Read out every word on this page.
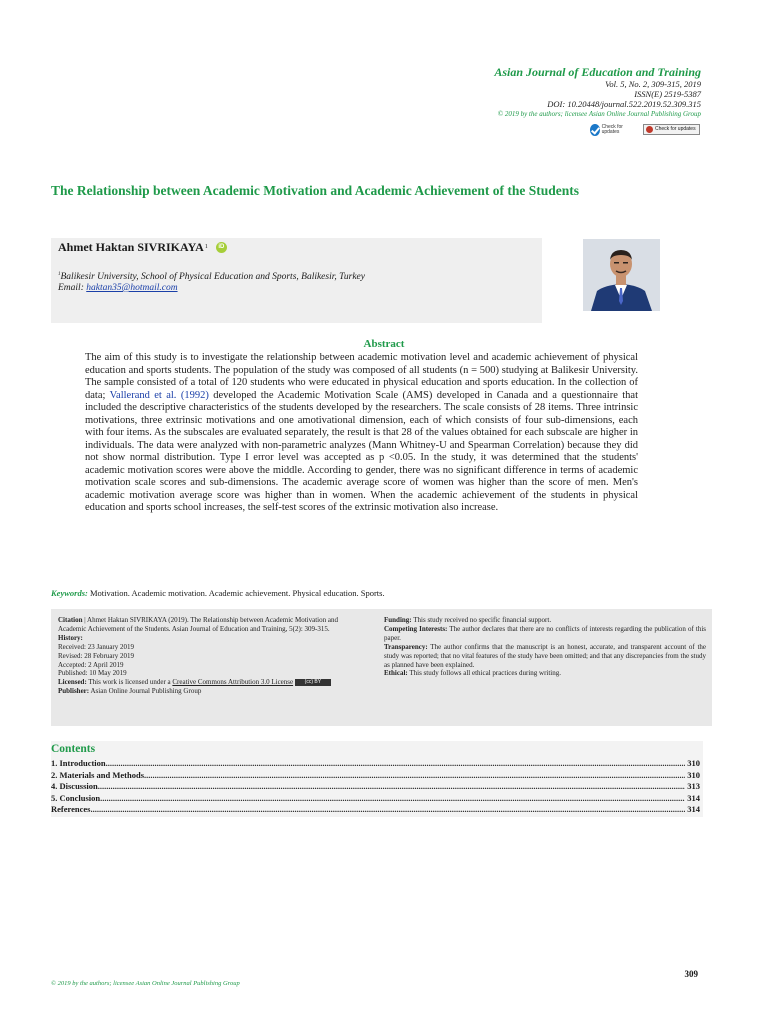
Asian Journal of Education and Training
Vol. 5, No. 2, 309-315, 2019
ISSN(E) 2519-5387
DOI: 10.20448/journal.522.2019.52.309.315
© 2019 by the authors; licensee Asian Online Journal Publishing Group
Check for updates	Check for updates
The Relationship between Academic Motivation and Academic Achievement of the Students
Ahmet Haktan SIVRIKAYA 1	iD
$^1$Balikesir University, School of Physical Education and Sports, Balikesir, Turkey
Email: haktan35@hotmail.com
Abstract
The aim of this study is to investigate the relationship between academic motivation level and academic achievement of physical education and sports students. The population of the study was composed of all students (n = 500) studying at Balikesir University. The sample consisted of a total of 120 students who were educated in physical education and sports education. In the collection of data; Vallerand et al. (1992) developed the Academic Motivation Scale (AMS) developed in Canada and a questionnaire that included the descriptive characteristics of the students developed by the researchers. The scale consists of 28 items. Three intrinsic motivations, three extrinsic motivations and one amotivational dimension, each of which consists of four sub-dimensions, each with four items. As the subscales are evaluated separately, the result is that 28 of the values obtained for each subscale are higher in individuals. The data were analyzed with non-parametric analyzes (Mann Whitney-U and Spearman Correlation) because they did not show normal distribution. Type I error level was accepted as p <0.05. In the study, it was determined that the students' academic motivation scores were above the middle. According to gender, there was no significant difference in terms of academic motivation scale scores and sub-dimensions. The academic average score of women was higher than the score of men. Men's academic motivation average score was higher than in women. When the academic achievement of the students in physical education and sports school increases, the self-test scores of the extrinsic motivation also increase.
Keywords: Motivation. Academic motivation. Academic achievement. Physical education. Sports.
Citation | Ahmet Haktan SIVRIKAYA (2019). The Relationship between Academic Motivation and Academic Achievement of the Students. Asian Journal of Education and Training, 5(2): 309-315.
History:
Received: 23 January 2019
Revised: 28 February 2019
Accepted: 2 April 2019
Published: 10 May 2019
Licensed: This work is licensed under a Creative Commons Attribution 3.0 License (cc) BY
Publisher: Asian Online Journal Publishing Group
Funding: This study received no specific financial support.
Competing Interests: The author declares that there are no conflicts of interests regarding the publication of this paper.
Transparency: The author confirms that the manuscript is an honest, accurate, and transparent account of the study was reported; that no vital features of the study have been omitted; and that any discrepancies from the study as planned have been explained.
Ethical: This study follows all ethical practices during writing.
Contents
1. Introduction .....	310
2. Materials and Methods .....	310
4. Discussion .....	313
5. Conclusion .....	314
References .....	314
309
© 2019 by the authors; licensee Asian Online Journal Publishing Group
